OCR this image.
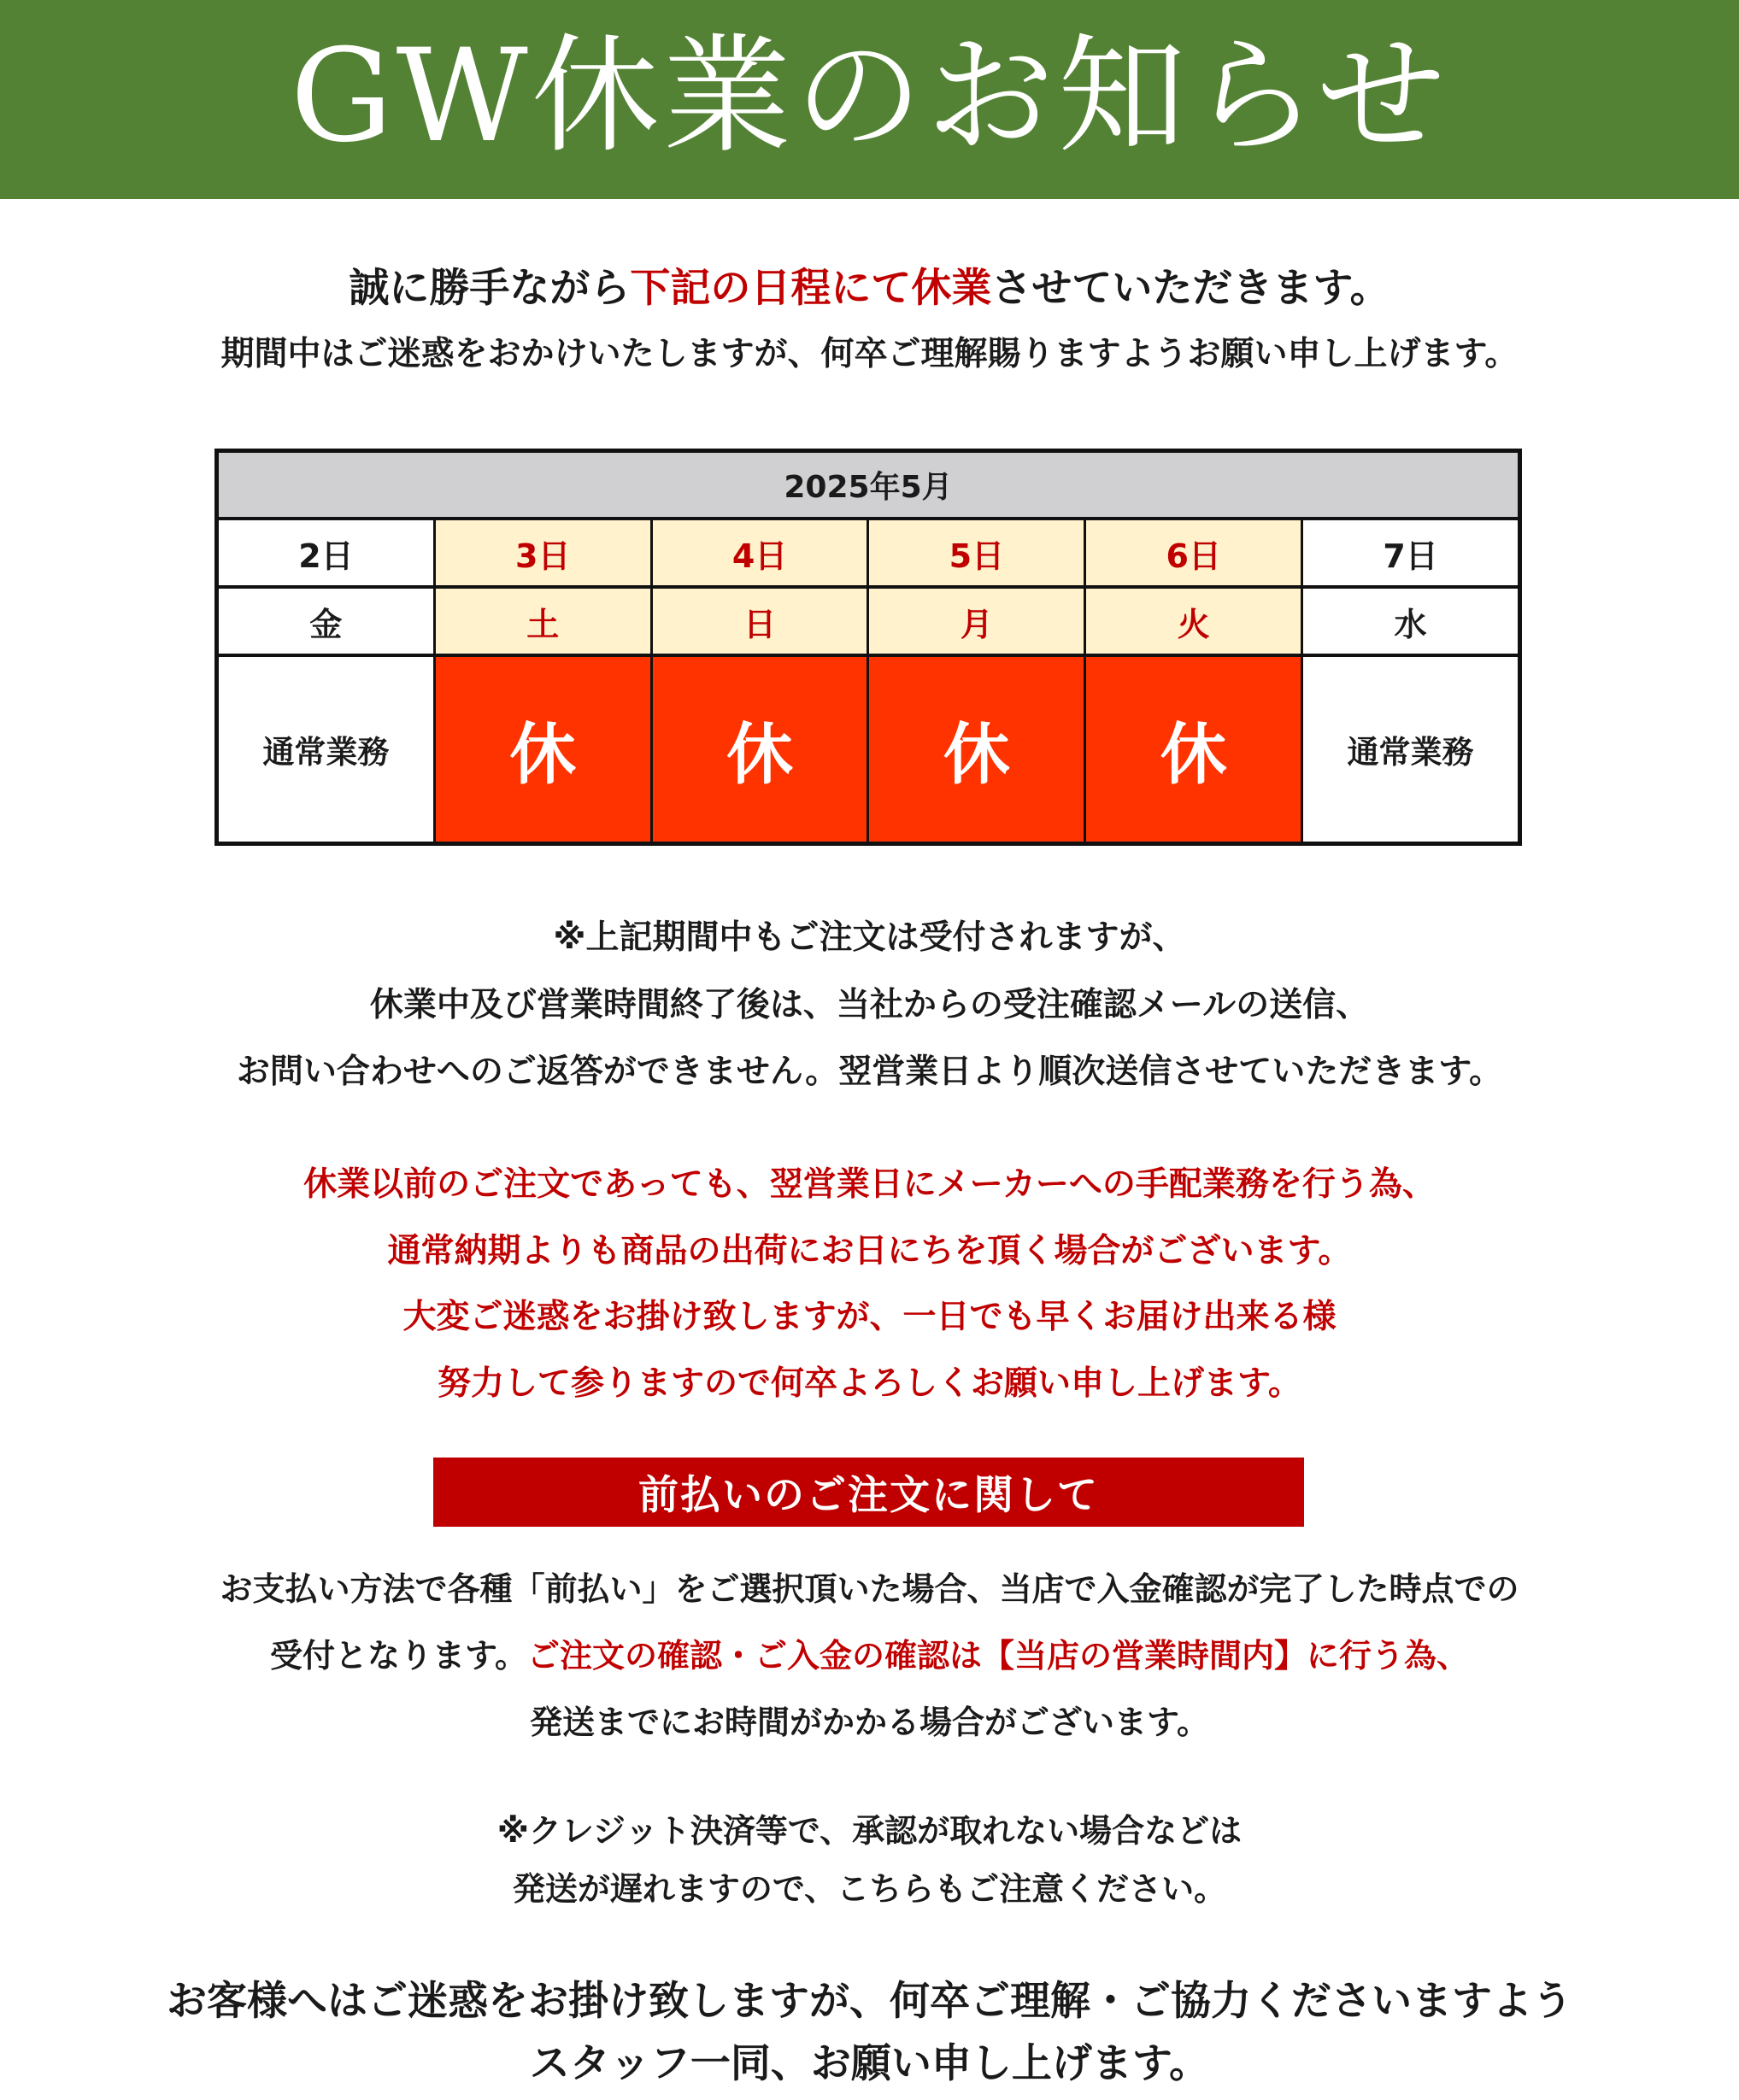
GW休業のお知らせ
誠に勝手ながら下記の日程にて休業させていただきます。
期間中はご迷惑をおかけいたしますが、何卒ご理解賜りますようお願い申し上げます。
2025年5月
2日	3日	4日	5日	6日	7日
金	土	日	月	火	水
通常業務	休	休	休	休	通常業務
※上記期間中もご注文は受付されますが、
休業中及び営業時間終了後は、当社からの受注確認メールの送信、
お問い合わせへのご返答ができません。翌営業日より順次送信させていただきます。
休業以前のご注文であっても、翌営業日にメーカーへの手配業務を行う為、
通常納期よりも商品の出荷にお日にちを頂く場合がございます。
大変ご迷惑をお掛け致しますが、一日でも早くお届け出来る様
努力して参りますので何卒よろしくお願い申し上げます。
前払いのご注文に関して
お支払い方法で各種「前払い」をご選択頂いた場合、当店で入金確認が完了した時点での
受付となります。ご注文の確認・ご入金の確認は【当店の営業時間内】に行う為、
発送までにお時間がかかる場合がございます。
※クレジット決済等で、承認が取れない場合などは
発送が遅れますので、こちらもご注意ください。
お客様へはご迷惑をお掛け致しますが、何卒ご理解・ご協力くださいますよう
スタッフ一同、お願い申し上げます。
